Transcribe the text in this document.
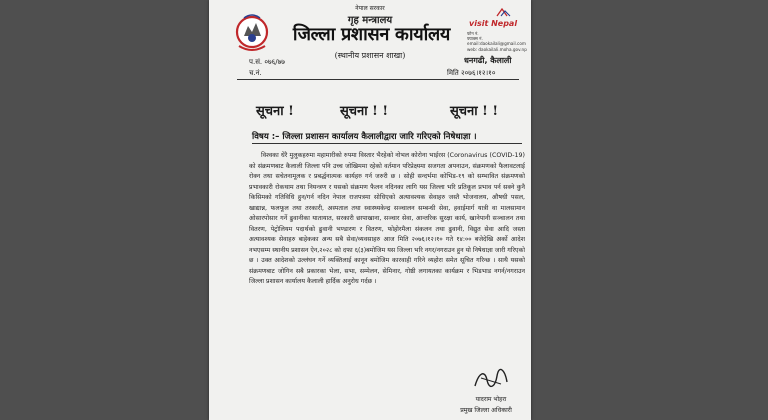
नेपाल सरकार
गृह मन्त्रालय
जिल्ला प्रशासन कार्यालय
(स्थानीय प्रशासन शाखा)
visit Nepal
फोन नं.
फ्याक्स नं.
email:daokailali@gmail.com
web: daokailali.moha.gov.np
प.सं. ०७६/७७
च.नं.
धनगढी, कैलाली
मिति २०७६।१२।१०
सूचना !	सूचना ! !	सूचना ! !
विषय :– जिल्ला प्रशासन कार्यालय कैलालीद्वारा जारि गरिएको निषेधाज्ञा ।
विश्वका धेरै मुलुकहरुमा महामारीको रुपमा विस्तार भैरहेको नोभल कोरोना भाईरस (Coronavirus (COVID-19) को संक्रमणबाट कैलाली जिल्ला पनि उच्च जोखिममा रहेको वर्तमान परिप्रेक्ष्यमा सजगता अपनाउन, संक्रमणको फैलावटलाई रोक्न तथा सचेतनामूलक र प्रबर्द्धनात्मक कार्यहरु गर्न जरुरी छ । सोही सन्दर्भमा कोभिड-१९ को सम्भावित संक्रमणको प्रभावकारी रोकथाम तथा नियन्त्रण र यसको संक्रमण फैलन नदिनका लागि यस जिल्ला भरि प्रतिकूल प्रभाव पर्न सक्ने कुनै किसिमको गतिविधि हुन/गर्न नदिन नेपाल राजपत्रमा सोधिएको अत्यावश्यक सेवाहरु जस्तै भोजनालय, औषधी पसल, खाद्यान्न, फलफूल तथा तरकारी, अस्पताल तथा स्वास्थ्यकेन्द्र सञ्चालन सम्बन्धी सेवा, हवाईमार्ग यात्री वा मालसामान ओसारपोसार गर्ने ढुवानीका यातायात, सरकारी छापाखाना, सञ्चार सेवा, आन्तरिक सुरक्षा कार्य, खानेपानी सञ्चालन तथा वितरण, पेट्रोलियम पदार्थको ढुवानी भण्डारण र वितरण, फोहोरमैला संकलन तथा ढुवानी, विद्युत सेवा आदि जस्ता अत्यावश्यक सेवाहरु बाहेकका अन्य सबै सेवा/व्यवसाहरु आज मिति २०७६।१२।१० गते १४:०० बजेदेखि अर्को आदेश नभएसम्म स्थानीय प्रशासन ऐन,२०२८ को दफा ६(३)बमोजिम यस जिल्ला भरि नगर/नगराउन हुन यो निषेधाज्ञा जारी गरिएको छ । उक्त आदेशको उल्लंघन गर्ने व्यक्तिलाई कानून बमोजिम कारवाही गरिने व्यहोरा समेत सूचित गरिन्छ । साथै यसको संक्रमणबाट जोगिन सबै प्रकारका भेला, सभा, सम्मेलन, सेमिनार, गोष्ठी लगायतका कार्यक्रम र भिडभाड नगर्न/नगराउन जिल्ला प्रशासन कार्यालय कैलाली हार्दिक अनुरोध गर्दछ ।
यादराम भोहरा
प्रमुख जिल्ला अधिकारी
